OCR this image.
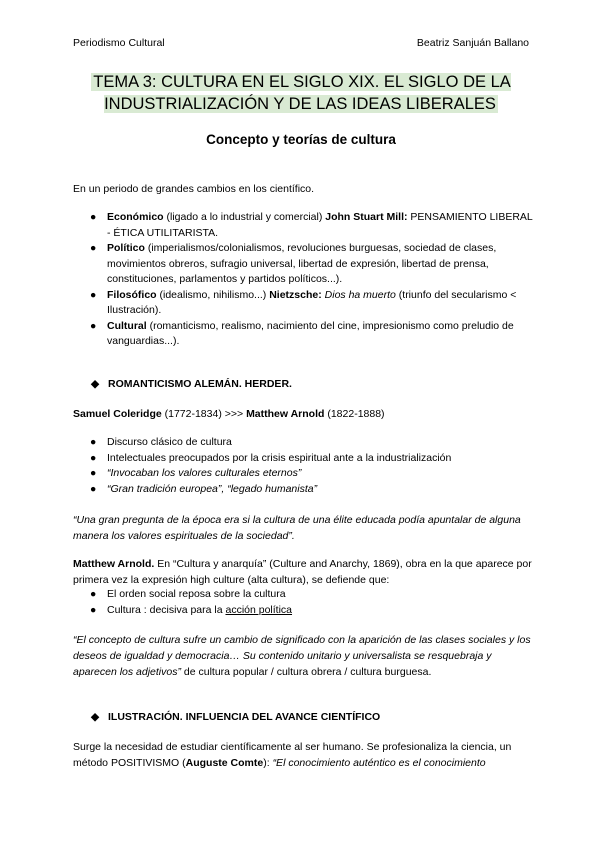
Periodismo Cultural	Beatriz Sanjuán Ballano
TEMA 3: CULTURA EN EL SIGLO XIX. EL SIGLO DE LA INDUSTRIALIZACIÓN Y DE LAS IDEAS LIBERALES
Concepto y teorías de cultura
En un periodo de grandes cambios en los científico.
● Económico (ligado a lo industrial y comercial) John Stuart Mill: PENSAMIENTO LIBERAL - ÉTICA UTILITARISTA.
● Político (imperialismos/colonialismos, revoluciones burguesas, sociedad de clases, movimientos obreros, sufragio universal, libertad de expresión, libertad de prensa, constituciones, parlamentos y partidos políticos...).
● Filosófico (idealismo, nihilismo...) Nietzsche: Dios ha muerto (triunfo del secularismo < Ilustración).
● Cultural (romanticismo, realismo, nacimiento del cine, impresionismo como preludio de vanguardias...).
◆ ROMANTICISMO ALEMÁN. HERDER.
Samuel Coleridge (1772-1834) >>> Matthew Arnold (1822-1888)
● Discurso clásico de cultura
● Intelectuales preocupados por la crisis espiritual ante a la industrialización
● “Invocaban los valores culturales eternos”
● “Gran tradición europea”, “legado humanista”
“Una gran pregunta de la época era si la cultura de una élite educada podía apuntalar de alguna manera los valores espirituales de la sociedad”.
Matthew Arnold. En “Cultura y anarquía” (Culture and Anarchy, 1869), obra en la que aparece por primera vez la expresión high culture (alta cultura), se defiende que:
● El orden social reposa sobre la cultura
● Cultura : decisiva para la acción política
“El concepto de cultura sufre un cambio de significado con la aparición de las clases sociales y los deseos de igualdad y democracia… Su contenido unitario y universalista se resquebraja y aparecen los adjetivos” de cultura popular / cultura obrera / cultura burguesa.
◆ ILUSTRACIÓN. INFLUENCIA DEL AVANCE CIENTÍFICO
Surge la necesidad de estudiar científicamente al ser humano. Se profesionaliza la ciencia, un método POSITIVISMO (Auguste Comte): “El conocimiento auténtico es el conocimiento
